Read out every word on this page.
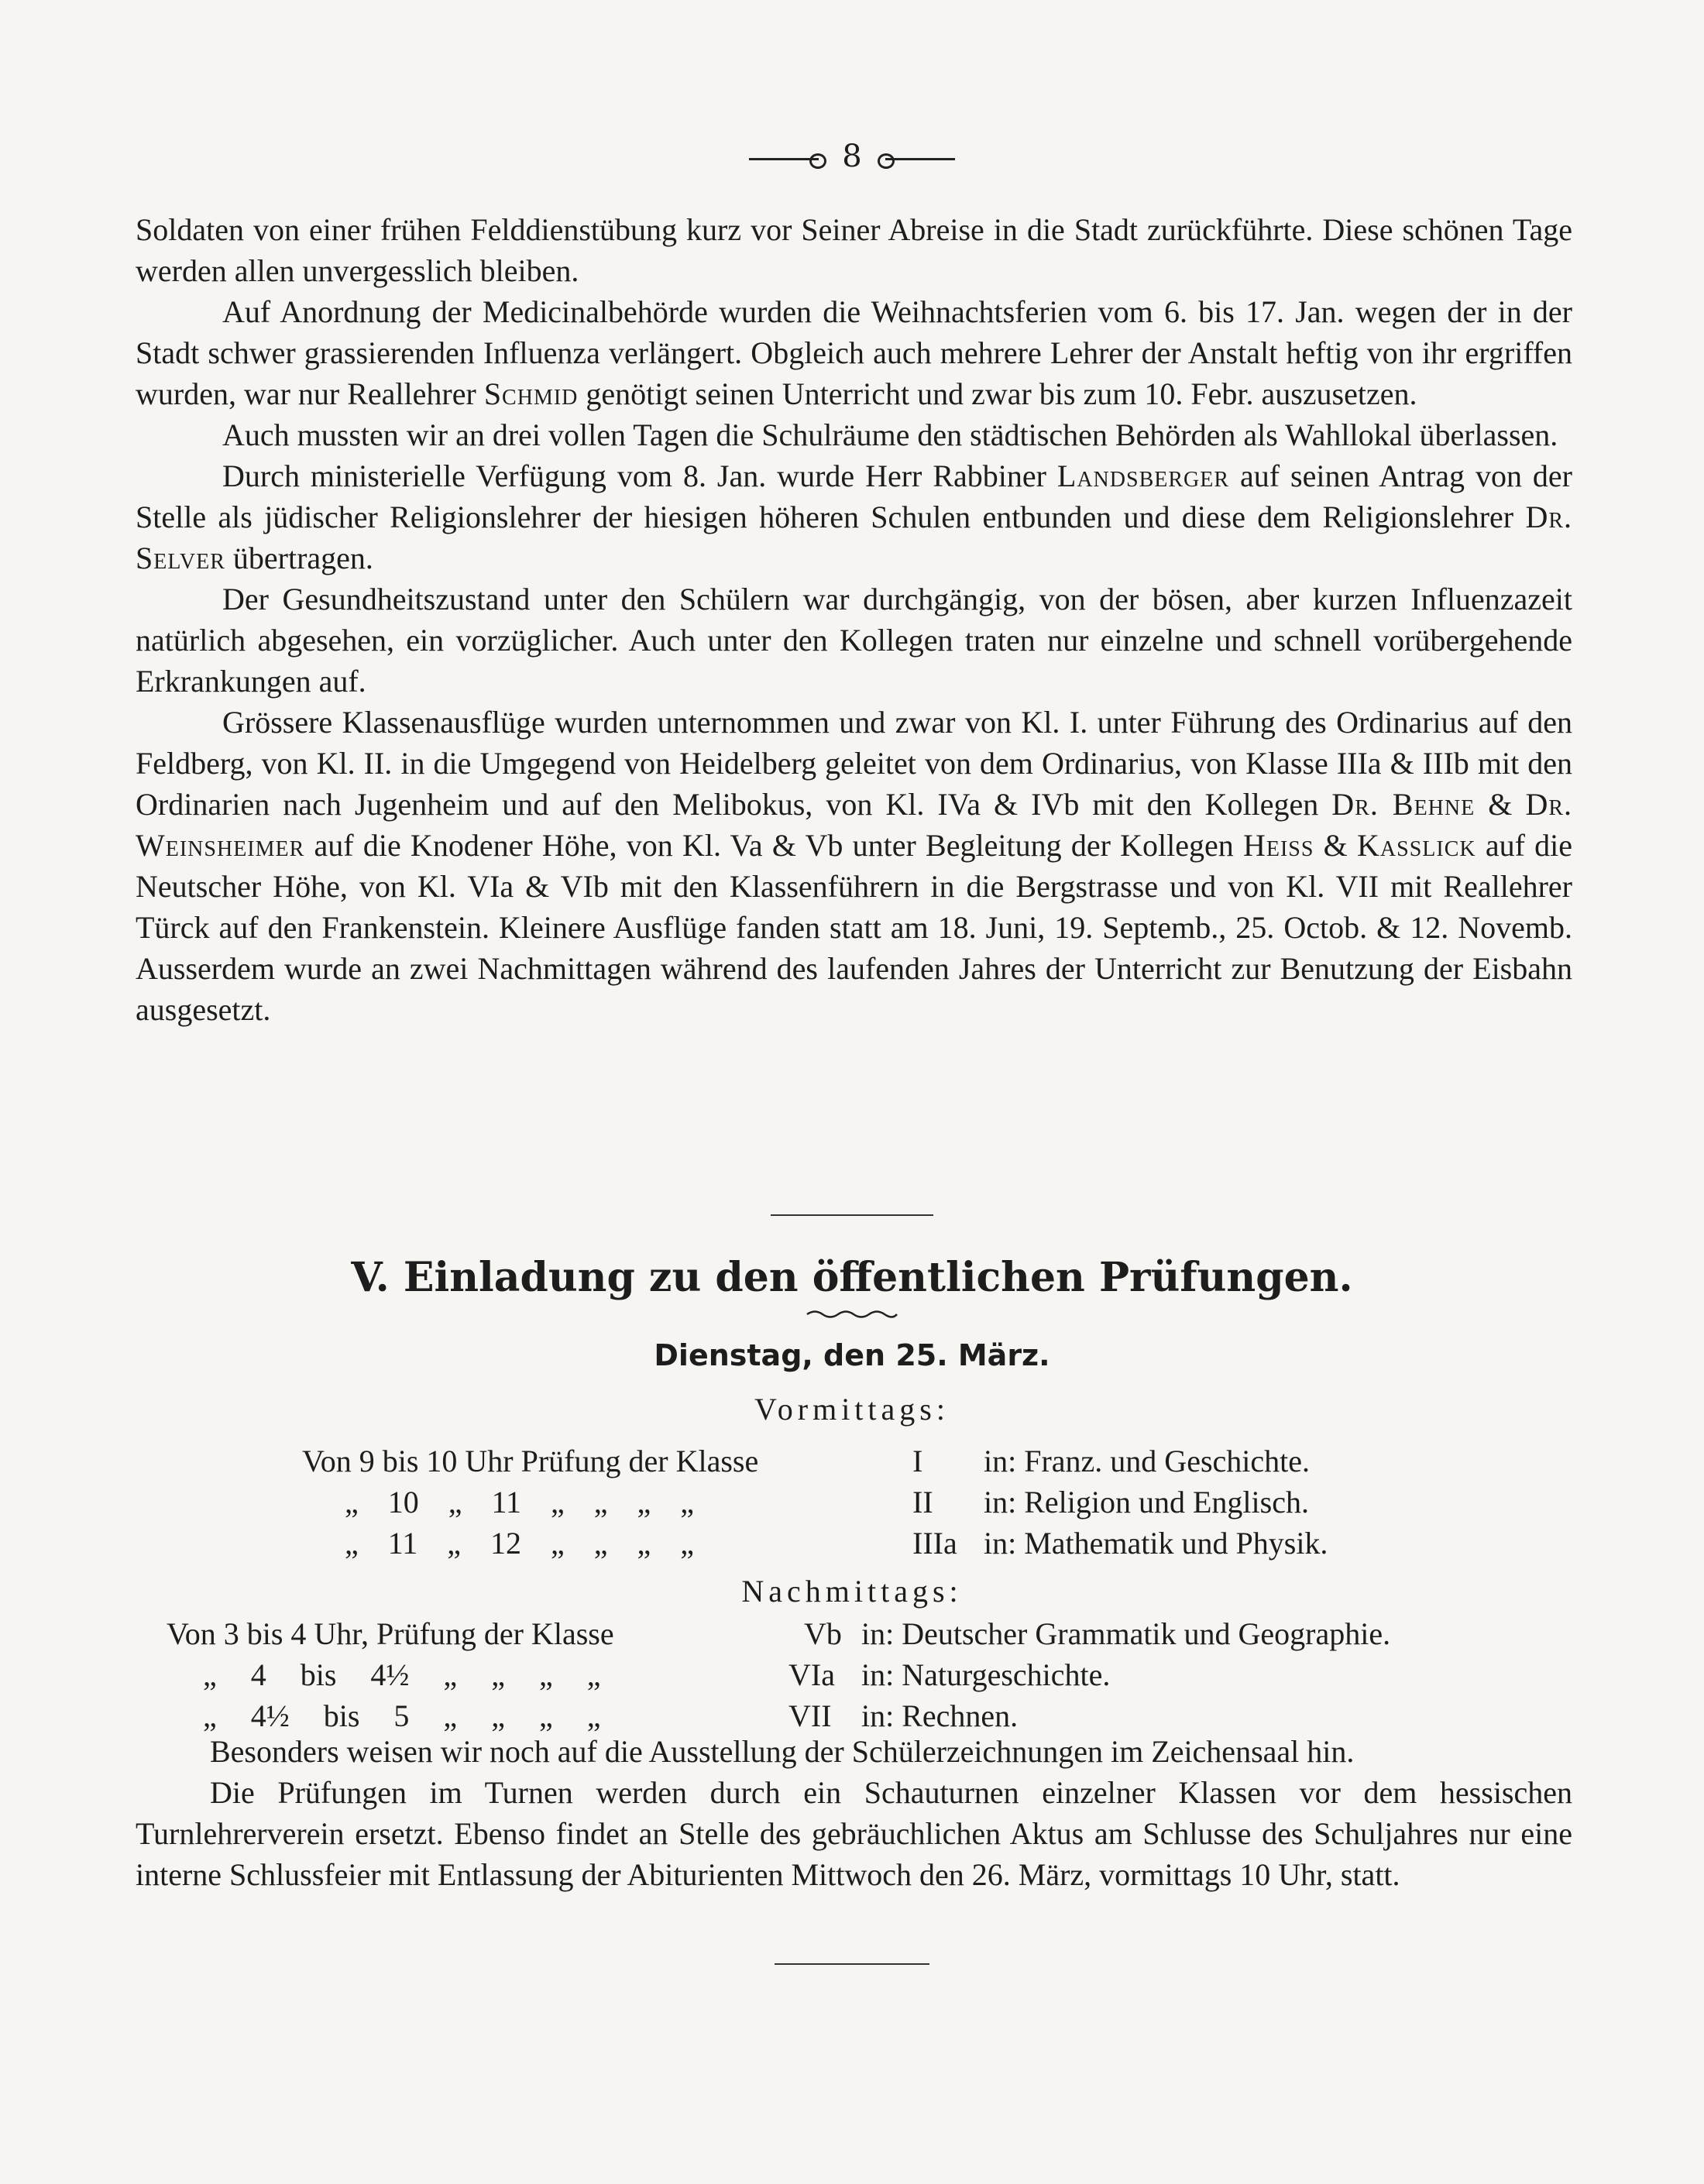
8

Soldaten von einer frühen Felddienstübung kurz vor Seiner Abreise in die Stadt zurückführte. Diese schönen Tage werden allen unvergesslich bleiben.

Auf Anordnung der Medicinalbehörde wurden die Weihnachtsferien vom 6. bis 17. Jan. wegen der in der Stadt schwer grassierenden Influenza verlängert. Obgleich auch mehrere Lehrer der Anstalt heftig von ihr ergriffen wurden, war nur Reallehrer Schmid genötigt seinen Unterricht und zwar bis zum 10. Febr. auszusetzen.

Auch mussten wir an drei vollen Tagen die Schulräume den städtischen Behörden als Wahllokal überlassen.

Durch ministerielle Verfügung vom 8. Jan. wurde Herr Rabbiner Landsberger auf seinen Antrag von der Stelle als jüdischer Religionslehrer der hiesigen höheren Schulen entbunden und diese dem Religionslehrer Dr. Selver übertragen.

Der Gesundheitszustand unter den Schülern war durchgängig, von der bösen, aber kurzen Influenzazeit natürlich abgesehen, ein vorzüglicher. Auch unter den Kollegen traten nur einzelne und schnell vorübergehende Erkrankungen auf.

Grössere Klassenausflüge wurden unternommen und zwar von Kl. I. unter Führung des Ordinarius auf den Feldberg, von Kl. II. in die Umgegend von Heidelberg geleitet von dem Ordinarius, von Klasse IIIa & IIIb mit den Ordinarien nach Jugenheim und auf den Melibokus, von Kl. IVa & IVb mit den Kollegen Dr. Behne & Dr. Weinsheimer auf die Knodener Höhe, von Kl. Va & Vb unter Begleitung der Kollegen Heiss & Kasslick auf die Neutscher Höhe, von Kl. VIa & VIb mit den Klassenführern in die Bergstrasse und von Kl. VII mit Reallehrer Türck auf den Frankenstein. Kleinere Ausflüge fanden statt am 18. Juni, 19. Septemb., 25. Octob. & 12. Novemb. Ausserdem wurde an zwei Nachmittagen während des laufenden Jahres der Unterricht zur Benutzung der Eisbahn ausgesetzt.

V. Einladung zu den öffentlichen Prüfungen.
Dienstag, den 25. März.
Vormittags:
Von 9 bis 10 Uhr Prüfung der Klasse	I in: Franz. und Geschichte.
„ 10 „ 11 „ „ „ „	II in: Religion und Englisch.
„ 11 „ 12 „ „ „ „	IIIa in: Mathematik und Physik.
Nachmittags:
Von 3 bis 4 Uhr, Prüfung der Klasse	Vb in: Deutscher Grammatik und Geographie.
„ 4 bis 4½ „ „ „ „	VIa in: Naturgeschichte.
„ 4½ bis 5 „ „ „ „	VII in: Rechnen.

Besonders weisen wir noch auf die Ausstellung der Schülerzeichnungen im Zeichensaal hin.

Die Prüfungen im Turnen werden durch ein Schauturnen einzelner Klassen vor dem hessischen Turnlehrerverein ersetzt. Ebenso findet an Stelle des gebräuchlichen Aktus am Schlusse des Schuljahres nur eine interne Schlussfeier mit Entlassung der Abiturienten Mittwoch den 26. März, vormittags 10 Uhr, statt.
